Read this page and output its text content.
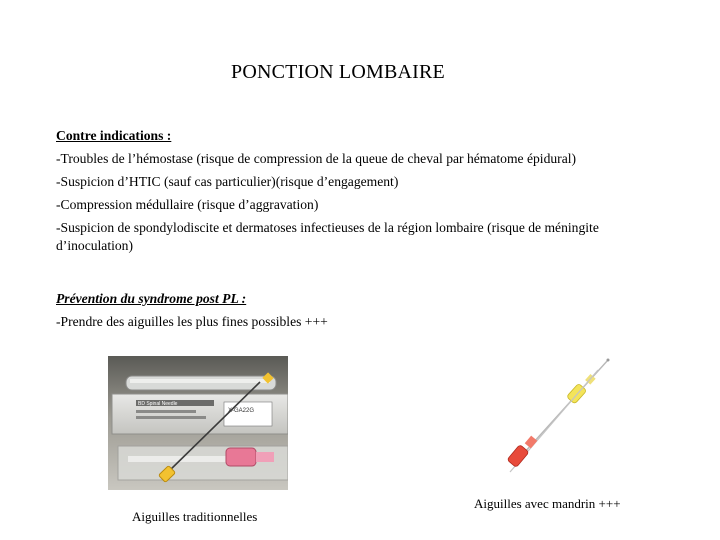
PONCTION LOMBAIRE
Contre indications :
-Troubles de l’hémostase (risque de compression de la queue de cheval par hématome épidural)
-Suspicion d’HTIC (sauf cas particulier)(risque d’engagement)
-Compression médullaire (risque d’aggravation)
-Suspicion de spondylodiscite et dermatoses infectieuses de la région lombaire (risque de méningite d’inoculation)
Prévention du syndrome post PL :
-Prendre des aiguilles les plus fines possibles +++
X-GA22G
BD Spinal Needle
Aiguilles traditionnelles
Aiguilles avec mandrin +++
